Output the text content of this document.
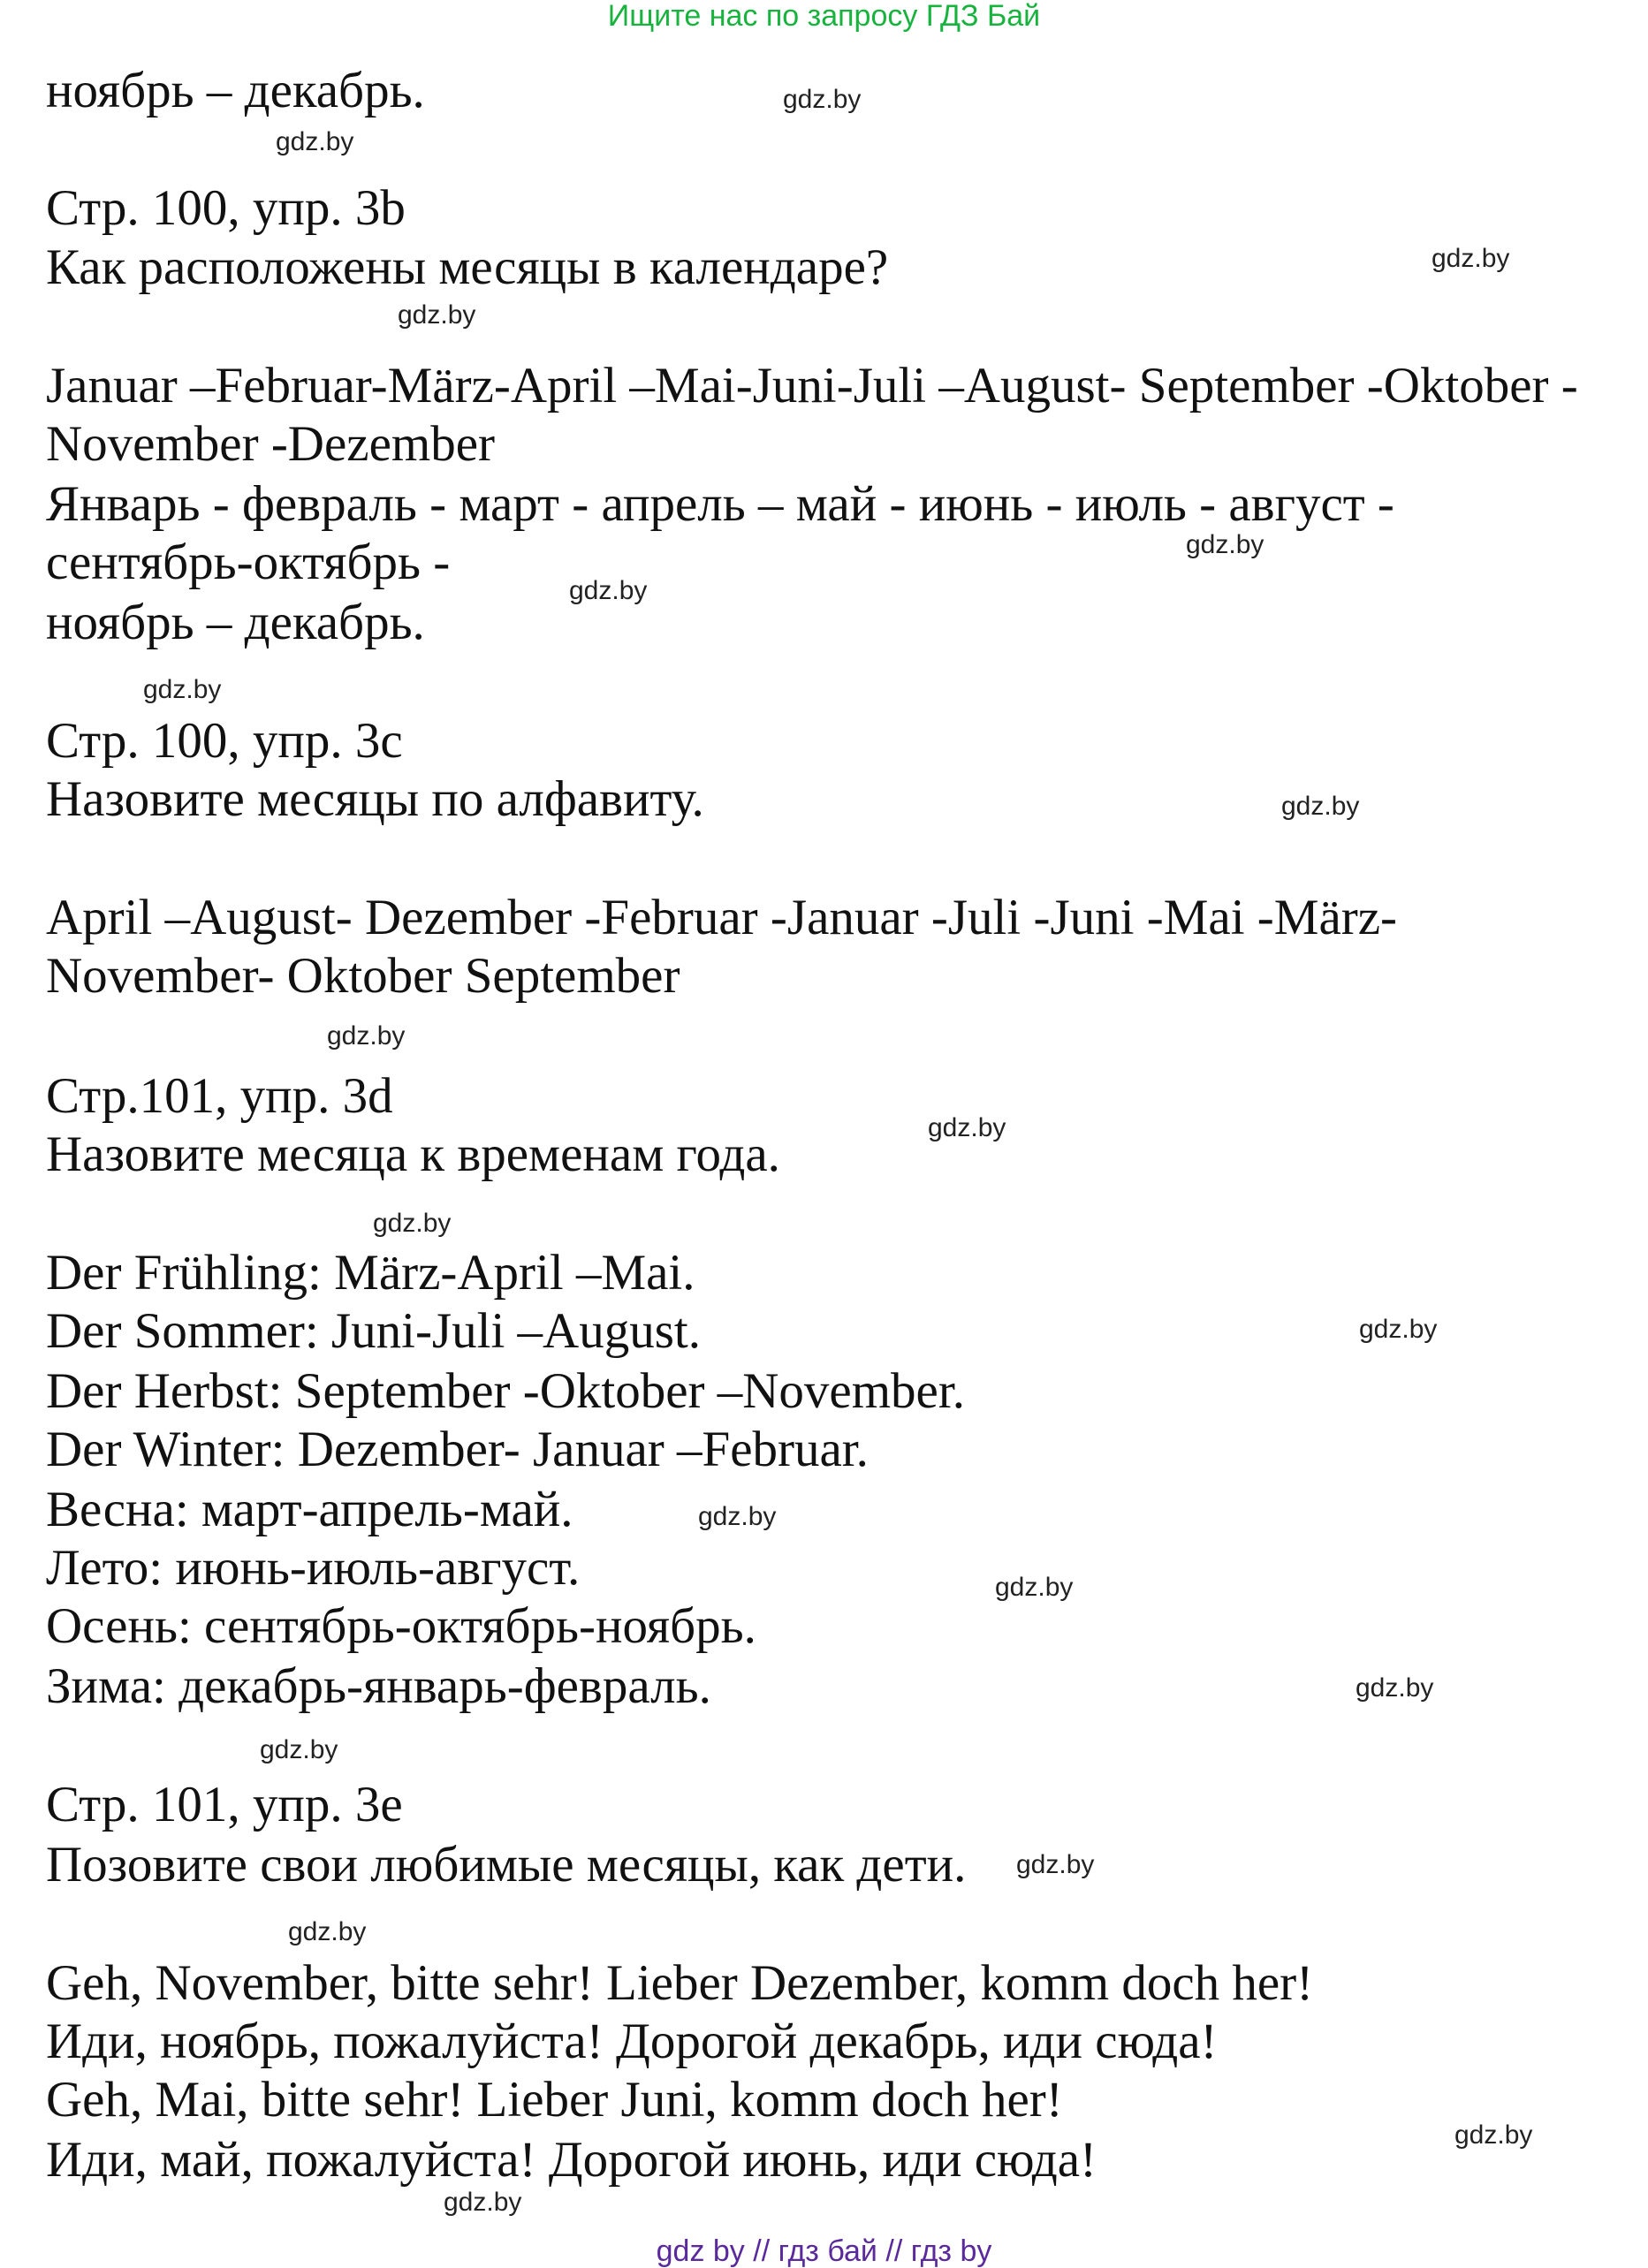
Ищите нас по запросу ГДЗ Бай

ноябрь – декабрь.

Стр. 100, упр. 3b

Как расположены месяцы в календаре?

Januar –Februar-März-April –Mai-Juni-Juli –August- September -Oktober -

November -Dezember

Январь - февраль - март - апрель – май - июнь - июль - август -

сентябрь-октябрь -

ноябрь – декабрь.

Стр. 100, упр. 3c

Назовите месяцы по алфавиту.

April –August- Dezember -Februar -Januar -Juli -Juni -Mai -März-

November- Oktober September

Стр.101, упр. 3d

Назовите месяца к временам года.

Der Frühling: März-April –Mai.

Der Sommer: Juni-Juli –August.

Der Herbst: September -Oktober –November.

Der Winter: Dezember- Januar –Februar.

Весна: март-апрель-май.

Лето: июнь-июль-август.

Осень: сентябрь-октябрь-ноябрь.

Зима: декабрь-январь-февраль.

Стр. 101, упр. 3e

Позовите свои любимые месяцы, как дети.

Geh, November, bitte sehr! Lieber Dezember, komm doch her!

Иди, ноябрь, пожалуйста! Дорогой декабрь, иди сюда!

Geh, Mai, bitte sehr! Lieber Juni, komm doch her!

Иди, май, пожалуйста! Дорогой июнь, иди сюда!

gdz.by
gdz.by
gdz.by
gdz.by
gdz.by
gdz.by
gdz.by
gdz.by
gdz.by
gdz.by
gdz.by
gdz.by
gdz.by
gdz.by
gdz.by
gdz.by
gdz.by
gdz.by
gdz.by
gdz.by
gdz by // гдз бай // гдз by
